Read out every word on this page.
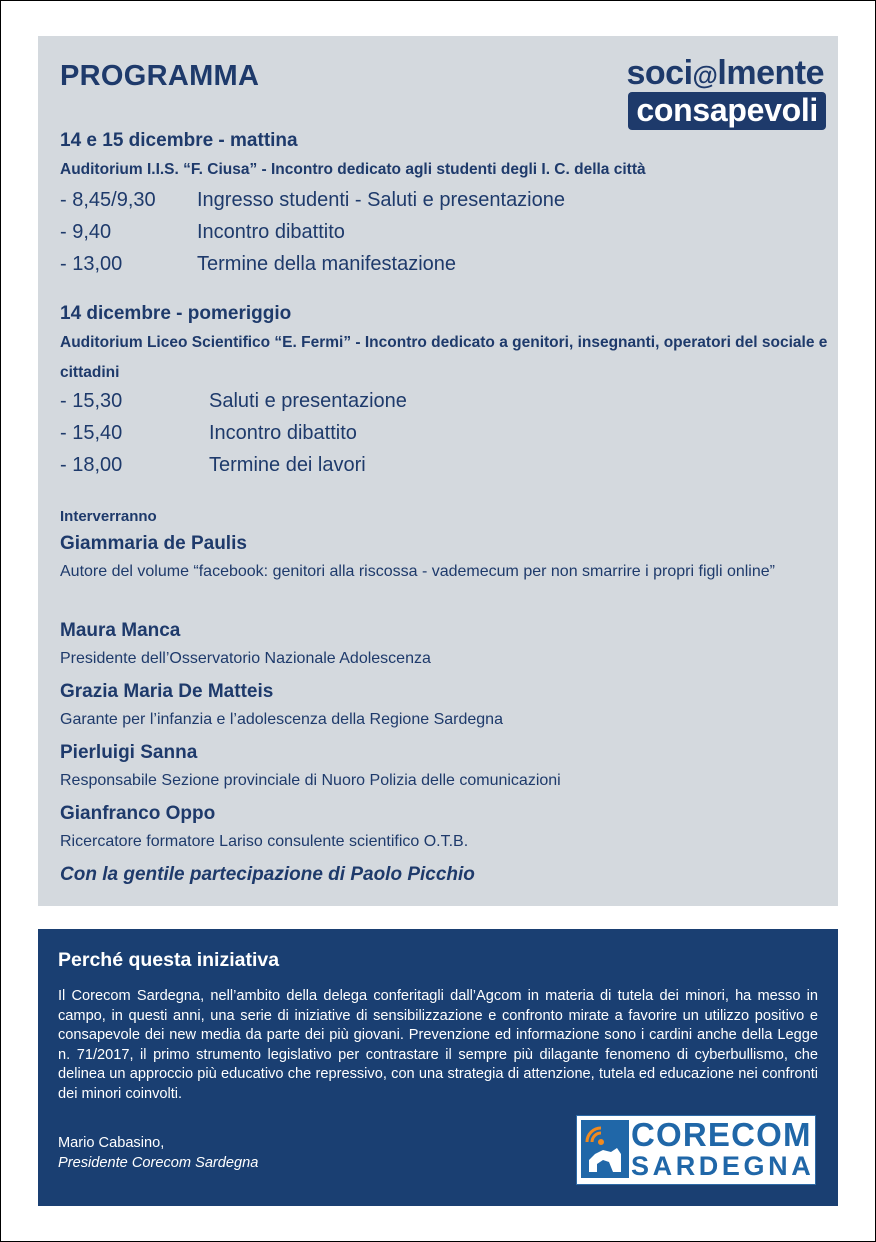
PROGRAMMA	soci@lmente
consapevoli
14 e 15 dicembre - mattina
Auditorium I.I.S. “F. Ciusa” - Incontro dedicato agli studenti degli I. C. della città
- 8,45/9,30 Ingresso studenti - Saluti e presentazione
- 9,40	Incontro dibattito
- 13,00	Termine della manifestazione
14 dicembre - pomeriggio
Auditorium Liceo Scientifico “E. Fermi” - Incontro dedicato a genitori, insegnanti, operatori del sociale e cittadini
- 15,30	Saluti e presentazione
- 15,40	Incontro dibattito
- 18,00	Termine dei lavori
Interverranno
Giammaria de Paulis
Autore del volume “facebook: genitori alla riscossa - vademecum per non smarrire i propri figli online”
Maura Manca
Presidente dell’Osservatorio Nazionale Adolescenza
Grazia Maria De Matteis
Garante per l’infanzia e l’adolescenza della Regione Sardegna
Pierluigi Sanna
Responsabile Sezione provinciale di Nuoro Polizia delle comunicazioni
Gianfranco Oppo
Ricercatore formatore Lariso consulente scientifico O.T.B.
Con la gentile partecipazione di Paolo Picchio
Perché questa iniziativa
Il Corecom Sardegna, nell’ambito della delega conferitagli dall’Agcom in materia di tutela dei minori, ha messo in campo, in questi anni, una serie di iniziative di sensibilizzazione e confronto mirate a favorire un utilizzo positivo e consapevole dei new media da parte dei più giovani. Prevenzione ed informazione sono i cardini anche della Legge n. 71/2017, il primo strumento legislativo per contrastare il sempre più dilagante fenomeno di cyberbullismo, che delinea un approccio più educativo che repressivo, con una strategia di attenzione, tutela ed educazione nei confronti dei minori coinvolti.
Mario Cabasino,
Presidente Corecom Sardegna
CORECOM
SARDEGNA
